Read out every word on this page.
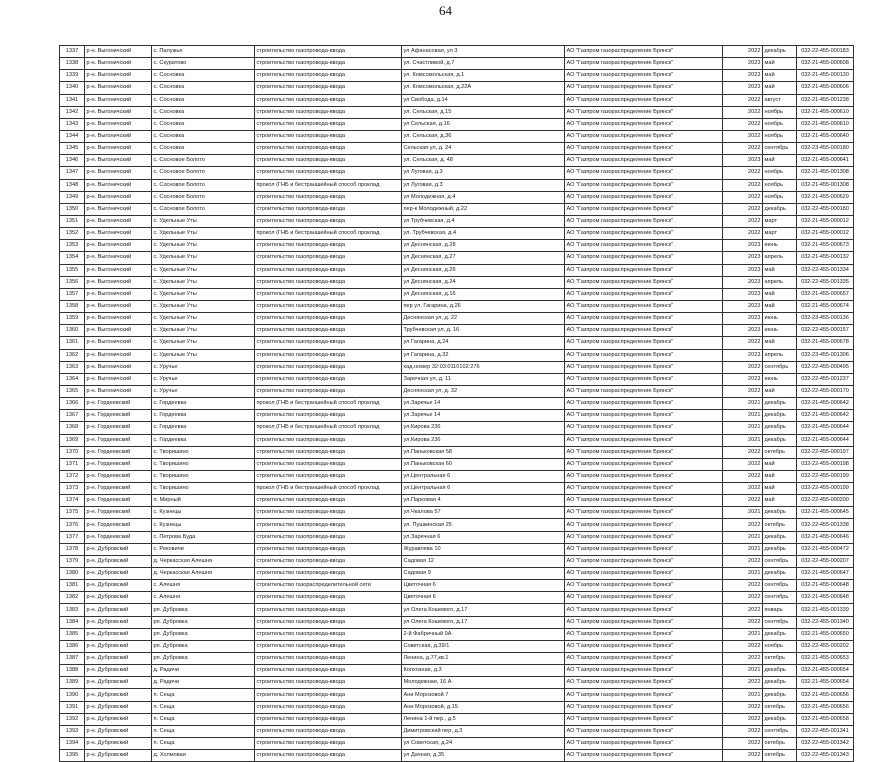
64
1337	р-н. Выгоничский	с. Палужье	строительство газопровода-ввода	ул Афанасовая, ул 3	АО "Газпром газораспределение Брянск"	2022	декабрь	032-22-455-000183
1338	р-н. Выгоничский	с. Скуратово	строительство газопровода-ввода	ул. Счастливой, д.7	АО "Газпром газораспределение Брянск"	2023	май	032-21-455-000608
1339	р-н. Выгоничский	с. Сосновка	строительство газопровода-ввода	ул. Комсомольская, д.1	АО "Газпром газораспределение Брянск"	2023	май	032-21-455-000130
1340	р-н. Выгоничский	с. Сосновка	строительство газопровода-ввода	ул. Комсомольская, д.22А	АО "Газпром газораспределение Брянск"	2023	май	032-21-455-000606
1341	р-н. Выгоничский	с. Сосновка	строительство газопровода-ввода	ул Свобода, д.14	АО "Газпром газораспределение Брянск"	2022	август	032-21-455-001238
1342	р-н. Выгоничский	с. Сосновка	строительство газопровода-ввода	ул. Сельская, д.15	АО "Газпром газораспределение Брянск"	2022	ноябрь	032-21-455-000610
1343	р-н. Выгоничский	с. Сосновка	строительство газопровода-ввода	ул Сельская, д.16	АО "Газпром газораспределение Брянск"	2022	ноябрь	032-21-455-000610
1344	р-н. Выгоничский	с. Сосновка	строительство газопровода-ввода	ул. Сельская, д.36	АО "Газпром газораспределение Брянск"	2022	ноябрь	032-21-455-000640
1345	р-н. Выгоничский	с. Сосновка	строительство газопровода-ввода	Сельская ул, д. 24	АО "Газпром газораспределение Брянск"	2022	сентябрь	032-23-455-000180
1346	р-н. Выгоничский	с. Сосновое Болото	строительство газопровода-ввода	ул. Сельская, д. 48	АО "Газпром газораспределение Брянск"	2023	май	032-21-455-000641
1347	р-н. Выгоничский	с. Сосновое Болото	строительство газопровода-ввода	ул Луговая, д.3	АО "Газпром газораспределение Брянск"	2022	ноябрь	032-21-455-001308
1348	р-н. Выгоничский	с. Сосновое Болото	прокол (ГНБ и бестраншейный способ проклад	ул Луговая, д.3	АО "Газпром газораспределение Брянск"	2022	ноябрь	032-21-455-001308
1349	р-н. Выгоничский	с. Сосновое Болото	строительство газопровода-ввода	ул Молодежная, д.4	АО "Газпром газораспределение Брянск"	2022	ноябрь	032-21-455-000629
1350	р-н. Выгоничский	с. Сосновое Болото	строительство газопровода-ввода	пер-к Молодежный, д.22	АО "Газпром газораспределение Брянск"	2022	декабрь	032-22-455-000180
1351	р-н. Выгоничский	с. Удельные Уты	строительство газопровода-ввода	ул Трубчевская, д.4	АО "Газпром газораспределение Брянск"	2022	март	032-21-455-000012
1352	р-н. Выгоничский	с. Удельные Уты	прокол (ГНБ и бестраншейный способ проклад	ул. Трубчевская, д.4	АО "Газпром газораспределение Брянск"	2022	март	032-21-455-000012
1353	р-н. Выгоничский	с. Удельные Уты	строительство газопровода-ввода	ул Деснянская, д.28	АО "Газпром газораспределение Брянск"	2023	июнь	032-21-455-000673
1354	р-н. Выгоничский	с. Удельные Уты	строительство газопровода-ввода	ул Деснянская, д.27	АО "Газпром газораспределение Брянск"	2023	апрель	032-21-455-000132
1355	р-н. Выгоничский	с. Удельные Уты	строительство газопровода-ввода	ул Деснянская, д.26	АО "Газпром газораспределение Брянск"	2023	май	032-22-455-001334
1356	р-н. Выгоничский	с. Удельные Уты	строительство газопровода-ввода	ул Деснянская, д.24	АО "Газпром газораспределение Брянск"	2023	апрель	032-22-455-001335
1357	р-н. Выгоничский	с. Удельные Уты	строительство газопровода-ввода	ул Деснянская, д.16	АО "Газпром газораспределение Брянск"	2023	май	032-21-455-000657
1358	р-н. Выгоничский	с. Удельные Уты	строительство газопровода-ввода	пер ул, Гагарина, д.26	АО "Газпром газораспределение Брянск"	2023	май	032-21-455-000674
1359	р-н. Выгоничский	с. Удельные Уты	строительство газопровода-ввода	Деснянская ул, д. 22	АО "Газпром газораспределение Брянск"	2023	июнь	032-23-455-000136
1360	р-н. Выгоничский	с. Удельные Уты	строительство газопровода-ввода	Трубчевская ул, д. 16	АО "Газпром газораспределение Брянск"	2023	июнь	032-22-455-000157
1361	р-н. Выгоничский	с. Удельные Уты	строительство газопровода-ввода	ул Гагарина, д.24	АО "Газпром газораспределение Брянск"	2022	май	032-21-455-000678
1362	р-н. Выгоничский	с. Удельные Уты	строительство газопровода-ввода	ул Гагарина, д.32	АО "Газпром газораспределение Брянск"	2023	апрель	032-23-455-001306
1363	р-н. Выгоничский	с. Уручье	строительство газопровода-ввода	кад.номер 32:03:0110102:276	АО "Газпром газораспределение Брянск"	2022	сентябрь	032-22-455-000495
1364	р-н. Выгоничский	с. Уручье	строительство газопровода-ввода	Заречная ул, д. 11	АО "Газпром газораспределение Брянск"	2023	июнь	032-22-455-001237
1365	р-н. Выгоничский	с. Уручье	строительство газопровода-ввода	Деснянская ул, д. 32	АО "Газпром газораспределение Брянск"	2022	май	032-22-455-000170
1366	р-н. Гордеевский	с. Гордеевка	прокол (ГНБ и бестраншейный способ проклад	ул.Заречье 14	АО "Газпром газораспределение Брянск"	2021	декабрь	032-21-455-000642
1367	р-н. Гордеевский	с. Гордеевка	строительство газопровода-ввода	ул.Заречье 14	АО "Газпром газораспределение Брянск"	2021	декабрь	032-21-455-000642
1368	р-н. Гордеевский	с. Гордеевка	прокол (ГНБ и бестраншейный способ проклад	ул.Кирова 236	АО "Газпром газораспределение Брянск"	2021	декабрь	032-21-455-000644
1369	р-н. Гордеевский	с. Гордеевка	строительство газопровода-ввода	ул.Кирова 236	АО "Газпром газораспределение Брянск"	2021	декабрь	032-21-455-000644
1370	р-н. Гордеевский	с. Творишино	строительство газопровода-ввода	ул.Паньковская 58	АО "Газпром газораспределение Брянск"	2022	октябрь	032-22-455-000197
1371	р-н. Гордеевский	с. Творишино	строительство газопровода-ввода	ул.Паньковская 60	АО "Газпром газораспределение Брянск"	2022	май	032-22-455-000198
1372	р-н. Гордеевский	с. Творишино	строительство газопровода-ввода	ул.Центральная 6	АО "Газпром газораспределение Брянск"	2022	май	032-22-455-000199
1373	р-н. Гордеевский	с. Творишино	прокол (ГНБ и бестраншейный способ проклад	ул.Центральная 6	АО "Газпром газораспределение Брянск"	2022	май	032-22-455-000199
1374	р-н. Гордеевский	п. Мирный	строительство газопровода-ввода	ул.Парковая 4	АО "Газпром газораспределение Брянск"	2022	май	032-22-455-000200
1375	р-н. Гордеевский	с. Кузнецы	строительство газопровода-ввода	ул.Чкалова 57	АО "Газпром газораспределение Брянск"	2021	декабрь	032-21-455-000645
1376	р-н. Гордеевский	с. Кузнецы	строительство газопровода-ввода	ул. Пушкинская 25	АО "Газпром газораспределение Брянск"	2022	октябрь	032-22-455-001338
1377	р-н. Гордеевский	с. Петрова Буда	строительство газопровода-ввода	ул.Заречная 6	АО "Газпром газораспределение Брянск"	2021	декабрь	032-21-455-000646
1378	р-н. Дубровский	с. Рековичи	строительство газопровода-ввода	Журавлева 10	АО "Газпром газораспределение Брянск"	2021	декабрь	032-21-455-000472
1379	р-н. Дубровский	д. Черкасская Алешня	строительство газопровода-ввода	Садовая 12	АО "Газпром газораспределение Брянск"	2022	сентябрь	032-22-455-000207
1380	р-н. Дубровский	д. Черкасская Алешня	строительство газопровода-ввода	Садовая 9	АО "Газпром газораспределение Брянск"	2021	декабрь	032-21-455-000647
1381	р-н. Дубровский	с. Алешня	строительство газораспределительной сети	Цветочная 6	АО "Газпром газораспределение Брянск"	2022	сентябрь	032-21-455-000648
1382	р-н. Дубровский	с. Алешня	строительство газопровода-ввода	Цветочная 6	АО "Газпром газораспределение Брянск"	2022	сентябрь	032-21-455-000648
1383	р-н. Дубровский	рп. Дубровка	строительство газопровода-ввода	ул Олега Кошевого, д.17	АО "Газпром газораспределение Брянск"	2022	январь	032-21-455-001339
1384	р-н. Дубровский	рп. Дубровка	строительство газопровода-ввода	ул Олега Кошевого, д.17	АО "Газпром газораспределение Брянск"	2022	сентябрь	032-22-455-001340
1385	р-н. Дубровский	рп. Дубровка	строительство газопровода-ввода	2-й Фабричный 9А	АО "Газпром газораспределение Брянск"	2021	декабрь	032-21-455-000650
1386	р-н. Дубровский	рп. Дубровка	строительство газопровода-ввода	Советская, д.39/1	АО "Газпром газораспределение Брянск"	2022	ноябрь	032-22-455-000202
1387	р-н. Дубровский	рп. Дубровка	строительство газопровода-ввода	Ленина, д.77,кв.1	АО "Газпром газораспределение Брянск"	2022	октябрь	032-21-455-000653
1388	р-н. Дубровский	д. Радичи	строительство газопровода-ввода	Колхозная, д.3	АО "Газпром газораспределение Брянск"	2021	декабрь	032-21-455-000654
1389	р-н. Дубровский	д. Радичи	строительство газопровода-ввода	Молодежная, 16 А	АО "Газпром газораспределение Брянск"	2022	декабрь	032-21-455-000654
1390	р-н. Дубровский	п. Сеща	строительство газопровода-ввода	Ани Морозовой 7	АО "Газпром газораспределение Брянск"	2021	декабрь	032-21-455-000656
1391	р-н. Дубровский	п. Сеща	строительство газопровода-ввода	Ани Морозовой, д.15	АО "Газпром газораспределение Брянск"	2022	октябрь	032-21-455-000656
1392	р-н. Дубровский	п. Сеща	строительство газопровода-ввода	Ленина 1-й пер., д.5	АО "Газпром газораспределение Брянск"	2022	декабрь	032-21-455-000658
1393	р-н. Дубровский	п. Сеща	строительство газопровода-ввода	Димитровский пер, д.3	АО "Газпром газораспределение Брянск"	2022	сентябрь	032-22-455-001341
1394	р-н. Дубровский	п. Сеща	строительство газопровода-ввода	ул Советская, д.24	АО "Газпром газораспределение Брянск"	2022	октябрь	032-22-455-001342
1395	р-н. Дубровский	д. Холмовая	строительство газопровода-ввода	ул Дачная, д.35	АО "Газпром газораспределение Брянск"	2022	октябрь	032-22-455-001343
